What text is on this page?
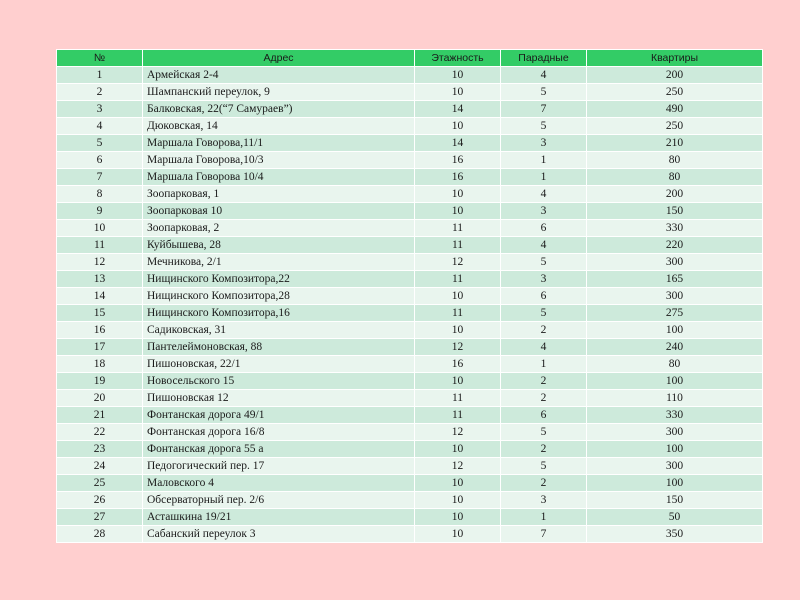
№	Адрес	Этажность	Парадные	Квартиры
1	Армейская 2-4	10	4	200
2	Шампанский переулок, 9	10	5	250
3	Балковская, 22(“7 Самураев”)	14	7	490
4	Дюковская, 14	10	5	250
5	Маршала Говорова,11/1	14	3	210
6	Маршала Говорова,10/3	16	1	80
7	Маршала Говорова 10/4	16	1	80
8	Зоопарковая, 1	10	4	200
9	Зоопарковая 10	10	3	150
10	Зоопарковая, 2	11	6	330
11	Куйбышева, 28	11	4	220
12	Мечникова, 2/1	12	5	300
13	Нищинского Композитора,22	11	3	165
14	Нищинского Композитора,28	10	6	300
15	Нищинского Композитора,16	11	5	275
16	Садиковская, 31	10	2	100
17	Пантелеймоновская, 88	12	4	240
18	Пишоновская, 22/1	16	1	80
19	Новосельского 15	10	2	100
20	Пишоновская 12	11	2	110
21	Фонтанская дорога 49/1	11	6	330
22	Фонтанская дорога 16/8	12	5	300
23	Фонтанская дорога 55 а	10	2	100
24	Педогогический пер. 17	12	5	300
25	Маловского 4	10	2	100
26	Обсерваторный пер. 2/6	10	3	150
27	Асташкина 19/21	10	1	50
28	Сабанский переулок 3	10	7	350
